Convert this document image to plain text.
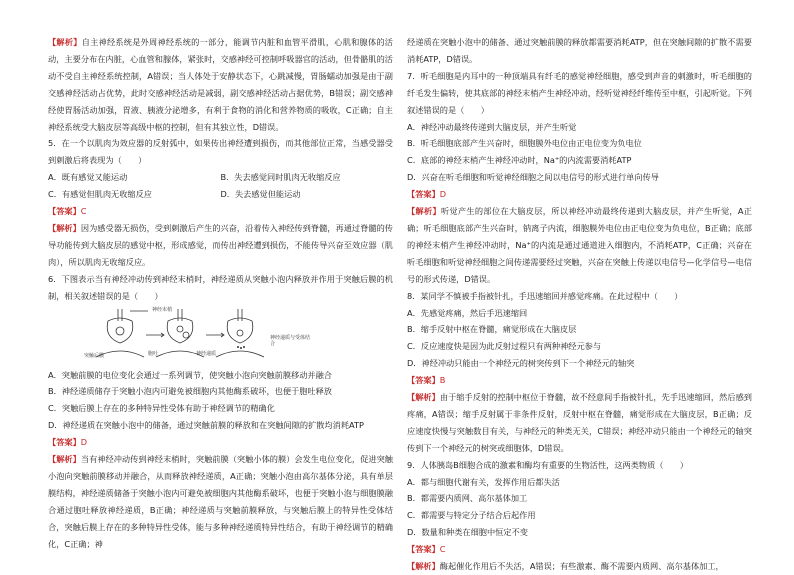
【解析】自主神经系统是外周神经系统的一部分，能调节内脏和血管平滑肌，心肌和腺体的活动，主要分布在内脏，心血管和腺体，紧张时，交感神经可控制呼吸器官的活动，但骨骼肌的活动不受自主神经系统控制，A错误；当人体处于安静状态下，心跳减慢，胃肠蠕动加强是由于副交感神经活动占优势，此时交感神经活动是减弱，副交感神经活动占据优势，B错误；副交感神经使胃肠活动加强，胃液、胰液分泌增多，有利于食物的消化和营养物质的吸收，C正确；自主神经系统受大脑皮层等高级中枢的控制，但有其独立性，D错误。

5．在一个以肌肉为效应器的反射弧中，如果传出神经遭到损伤，而其他部位正常，当感受器受到刺激后将表现为（　　）

A．既有感觉又能运动	B．失去感觉同时肌肉无收缩反应
C．有感觉但肌肉无收缩反应	D．失去感觉但能运动

【答案】C

【解析】因为感受器无损伤，受到刺激后产生的兴奋，沿着传入神经传到脊髓，再通过脊髓的传导功能传到大脑皮层的感觉中枢，形成感觉，而传出神经遭到损伤，不能传导兴奋至效应器（肌肉），所以肌肉无收缩反应。

6．下图表示当有神经冲动传到神经末梢时，神经递质从突触小泡内释放并作用于突触后膜的机制，相关叙述错误的是（　　）

神经末梢
突触后膜	胞吐	神经递质
神经递质与受体结合

A．突触前膜的电位变化会通过一系列调节，使突触小泡向突触前膜移动并融合

B．神经递质储存于突触小泡内可避免被细胞内其他酶系破坏，也便于胞吐释放

C．突触后膜上存在的多种特异性受体有助于神经调节的精确化

D．神经递质在突触小泡中的储备，通过突触前膜的释放和在突触间隙的扩散均消耗ATP

【答案】D

【解析】当有神经冲动传到神经末梢时，突触前膜（突触小体的膜）会发生电位变化，促进突触小泡向突触前膜移动并融合，从而释放神经递质，A正确；突触小泡由高尔基体分泌，具有单层膜结构，神经递质储备于突触小泡内可避免被细胞内其他酶系破坏，也便于突触小泡与细胞膜融合通过胞吐释放神经递质，B正确；神经递质与突触前膜释放，与突触后膜上的特异性受体结合，突触后膜上存在的多种特异性受体，能与多种神经递质特异性结合，有助于神经调节的精确化，C正确；神

经递质在突触小泡中的储备、通过突触前膜的释放都需要消耗ATP，但在突触间隙的扩散不需要消耗ATP，D错误。

7．听毛细胞是内耳中的一种顶端具有纤毛的感觉神经细胞，感受到声音的刺激时，听毛细胞的纤毛发生偏转，使其底部的神经末梢产生神经冲动，经听觉神经纤维传至中枢，引起听觉。下列叙述错误的是（　　）

A．神经冲动最终传递到大脑皮层，并产生听觉

B．听毛细胞底部产生兴奋时，细胞膜外电位由正电位变为负电位

C．底部的神经末梢产生神经冲动时，Na⁺的内流需要消耗ATP

D．兴奋在听毛细胞和听觉神经细胞之间以电信号的形式进行单向传导

【答案】D

【解析】听觉产生的部位在大脑皮层，所以神经冲动最终传递到大脑皮层，并产生听觉，A正确；听毛细胞底部产生兴奋时，钠离子内流，细胞膜外电位由正电位变为负电位，B正确；底部的神经末梢产生神经冲动时，Na⁺的内流是通过通道进入细胞内，不消耗ATP，C正确；兴奋在听毛细胞和听觉神经细胞之间传递需要经过突触，兴奋在突触上传递以电信号—化学信号—电信号的形式传递，D错误。

8．某同学不慎被手指被针扎，手迅速缩回并感觉疼痛。在此过程中（　　）

A．先感觉疼痛，然后手迅速缩回

B．缩手反射中枢在脊髓，痛觉形成在大脑皮层

C．反应速度快是因为此反射过程只有两种神经元参与

D．神经冲动只能由一个神经元的树突传到下一个神经元的轴突

【答案】B

【解析】由于缩手反射的控制中枢位于脊髓，故不经意间手指被针扎，先手迅速缩回，然后感到疼痛，A错误；缩手反射属于非条件反射，反射中枢在脊髓，痛觉形成在大脑皮层，B正确；反应速度快慢与突触数目有关，与神经元的种类无关，C错误；神经冲动只能由一个神经元的轴突传到下一个神经元的树突或细胞体，D错误。

9．人体胰岛B细胞合成的激素和酶均有重要的生物活性，这两类物质（　　）

A．都与细胞代谢有关，发挥作用后都失活

B．都需要内质网、高尔基体加工

C．都需要与特定分子结合后起作用

D．数量和种类在细胞中恒定不变

【答案】C

【解析】酶起催化作用后不失活，A错误；有些激素、酶不需要内质网、高尔基体加工，
